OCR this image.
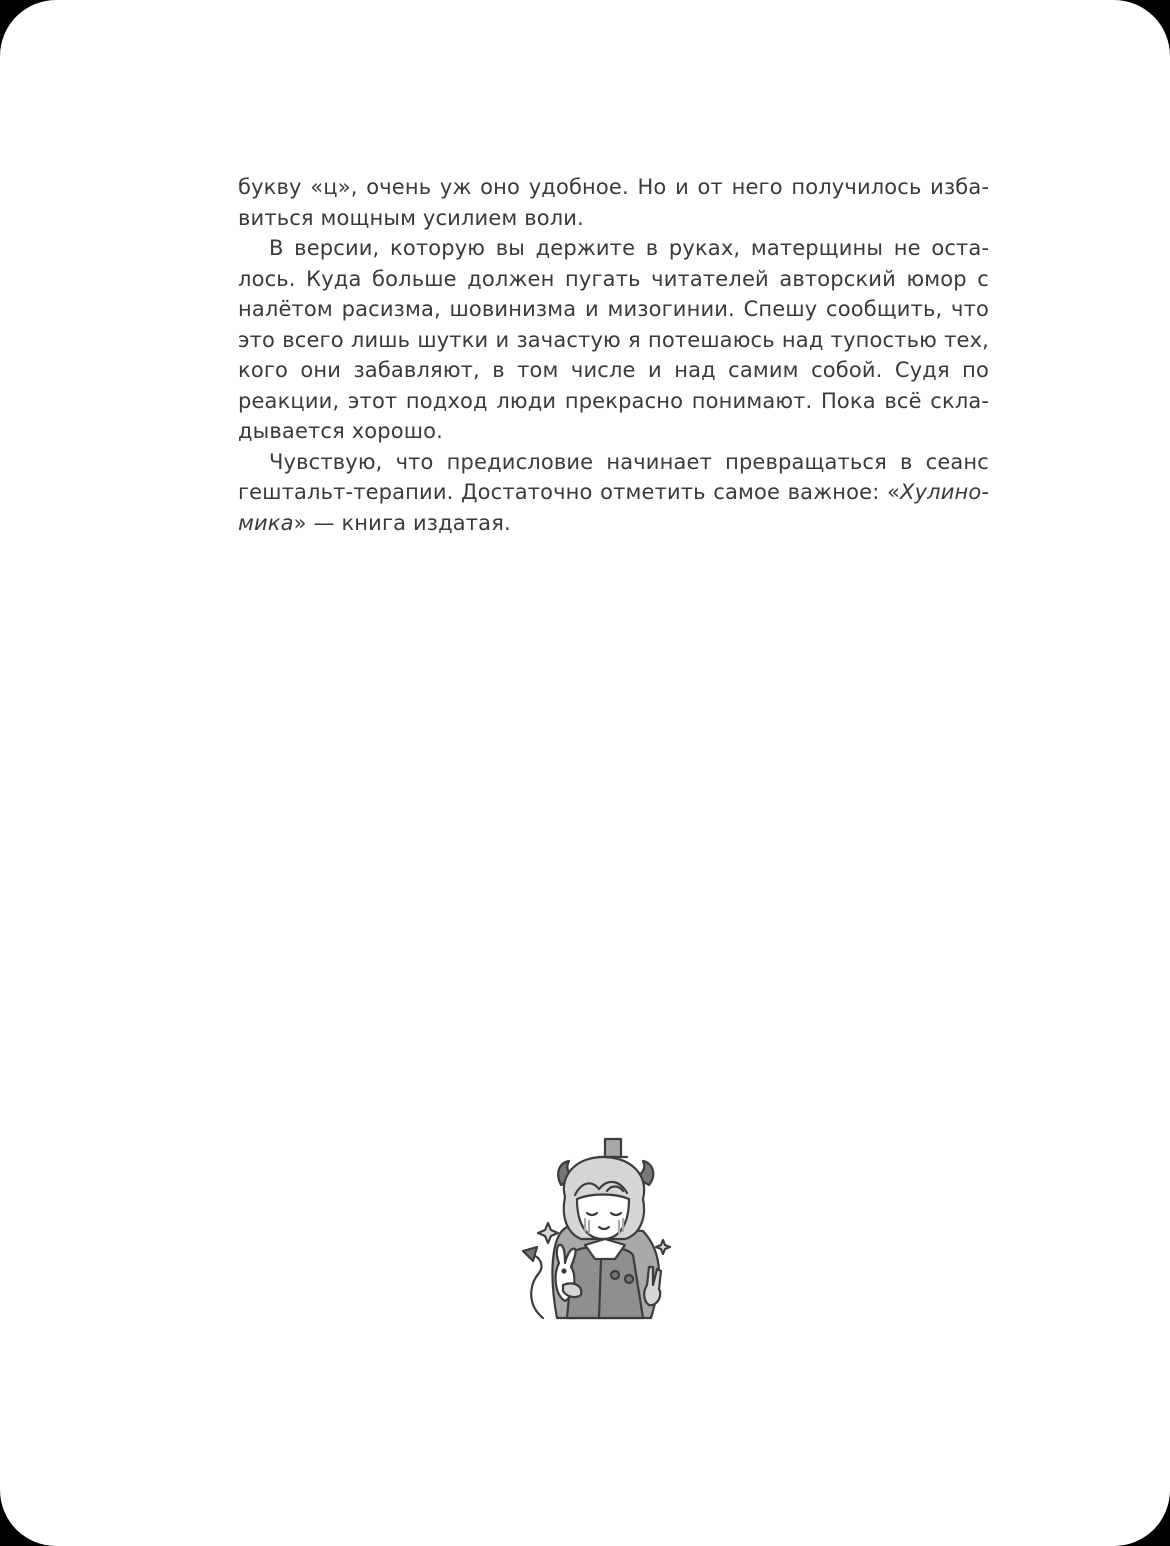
букву «ц», очень уж оно удобное. Но и от него получилось избавиться мощным усилием воли.

В версии, которую вы держите в руках, матерщины не осталось. Куда больше должен пугать читателей авторский юмор с налётом расизма, шовинизма и мизогинии. Спешу сообщить, что это всего лишь шутки и зачастую я потешаюсь над тупостью тех, кого они забавляют, в том числе и над самим собой. Судя по реакции, этот подход люди прекрасно понимают. Пока всё складывается хорошо.

Чувствую, что предисловие начинает превращаться в сеанс гештальт-терапии. Достаточно отметить самое важное: «Хулиномика» — книга издатая.
